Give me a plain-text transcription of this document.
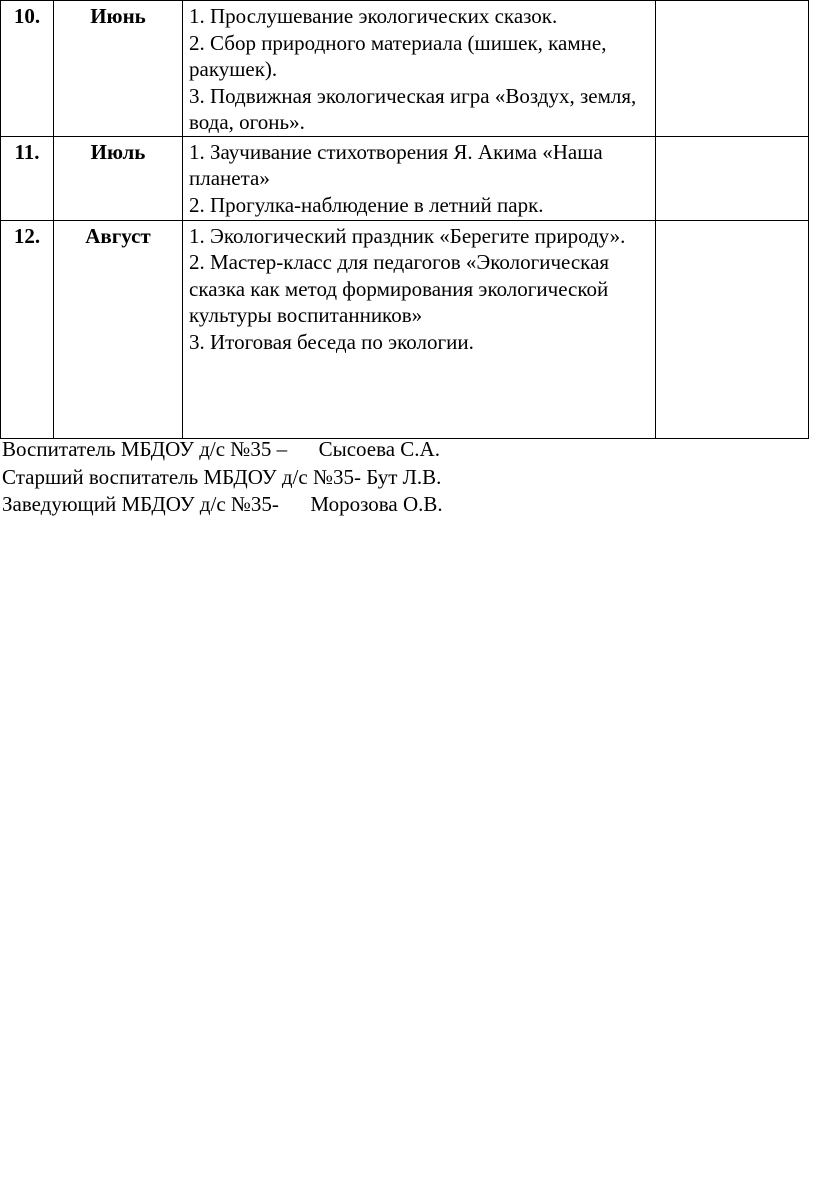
10.	Июнь	1. Прослушевание экологических сказок.
2. Сбор природного материала (шишек, камне, ракушек).
3. Подвижная экологическая игра «Воздух, земля, вода, огонь».	

11.	Июль	1. Заучивание стихотворения Я. Акима «Наша планета»
2. Прогулка-наблюдение в летний парк.	

12.	Август	1. Экологический праздник «Берегите природу».
2. Мастер-класс для педагогов «Экологическая сказка как метод формирования экологической культуры воспитанников»
3. Итоговая беседа по экологии.	

Воспитатель МБДОУ д/с №35 –      Сысоева С.А.
Старший воспитатель МБДОУ д/с №35- Бут Л.В.
Заведующий МБДОУ д/с №35-      Морозова О.В.
